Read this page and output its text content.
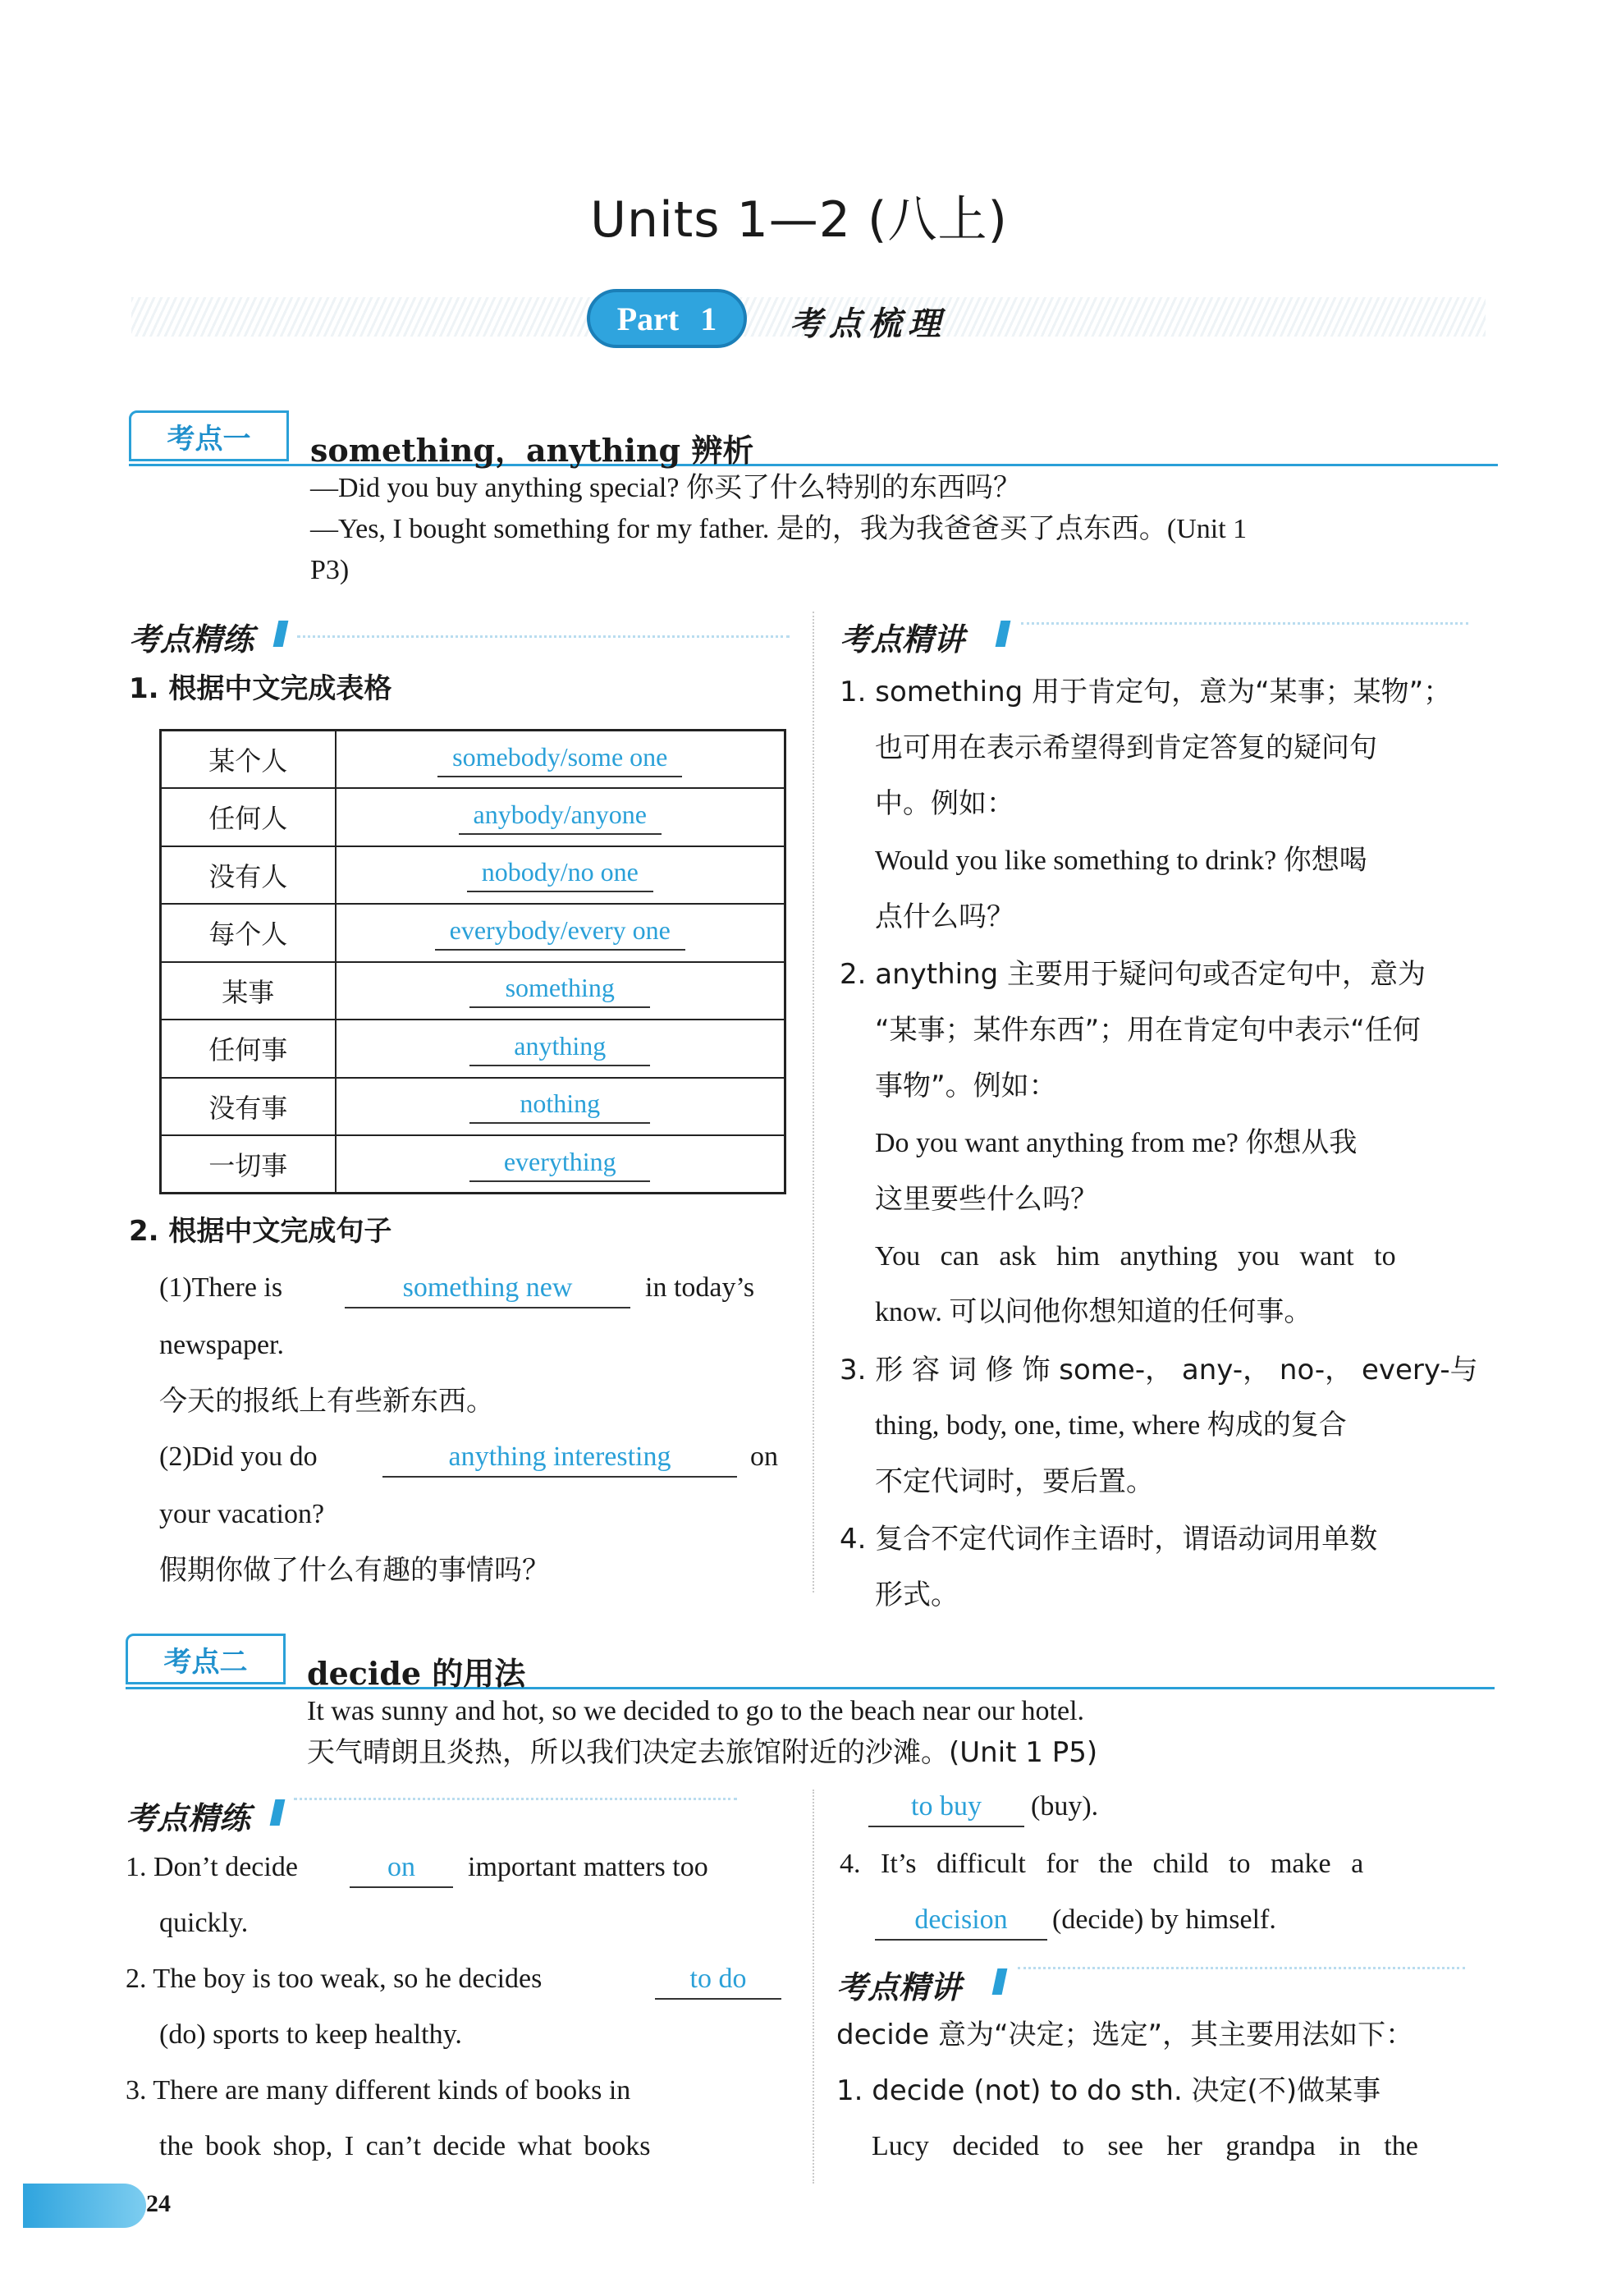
Units 1—2 (八上)
Part 1 考点梳理
考点一	something，anything 辨析
—Did you buy anything special? 你买了什么特别的东西吗？
—Yes, I bought something for my father. 是的，我为我爸爸买了点东西。(Unit 1
P3)
考点精练
1. 根据中文完成表格
某个人	somebody/some one
任何人	anybody/anyone
没有人	nobody/no one
每个人	everybody/every one
某事	something
任何事	anything
没有事	nothing
一切事	everything
2. 根据中文完成句子
(1)There is	something new	in today’s
newspaper.
今天的报纸上有些新东西。
(2)Did you do	anything interesting	on
your vacation?
假期你做了什么有趣的事情吗？
考点精讲
1. something 用于肯定句，意为“某事；某物”；
也可用在表示希望得到肯定答复的疑问句
中。例如：
Would you like something to drink? 你想喝
点什么吗？
2. anything 主要用于疑问句或否定句中，意为
“某事；某件东西”；用在肯定句中表示“任何
事物”。例如：
Do you want anything from me? 你想从我
这里要些什么吗？
You can ask him anything you want to
know. 可以问他你想知道的任何事。
3. 形 容 词 修 饰 some-， any-， no-， every-与
thing, body, one, time, where 构成的复合
不定代词时，要后置。
4. 复合不定代词作主语时，谓语动词用单数
形式。
考点二	decide 的用法
It was sunny and hot, so we decided to go to the beach near our hotel.
天气晴朗且炎热，所以我们决定去旅馆附近的沙滩。(Unit 1 P5)
考点精练
1. Don’t decide	on	important matters too
quickly.
2. The boy is too weak, so he decides	to do
(do) sports to keep healthy.
3. There are many different kinds of books in
the book shop, I can’t decide what books
to buy	(buy).
4. It’s difficult for the child to make a
decision	(decide) by himself.
考点精讲
decide 意为“决定；选定”，其主要用法如下：
1. decide (not) to do sth. 决定(不)做某事
Lucy decided to see her grandpa in the
24
